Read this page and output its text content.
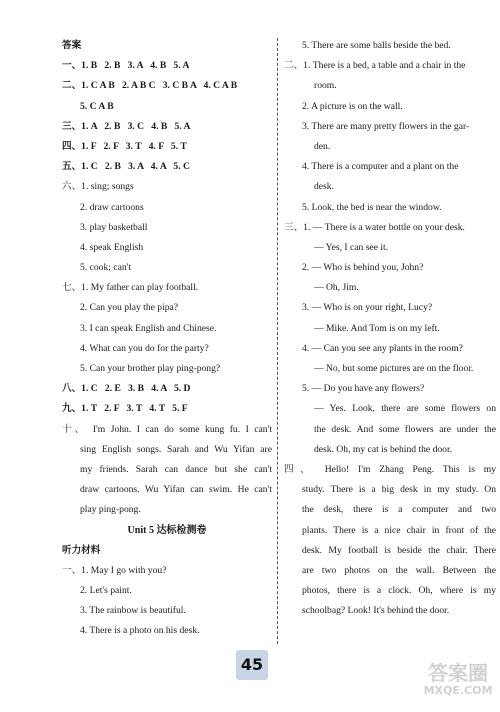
答案
一、1. B   2. B   3. A   4. B   5. A
二、1. C A B   2. A B C   3. C B A   4. C A B
5. C A B
三、1. A   2. B   3. C   4. B   5. A
四、1. F   2. F   3. T   4. F   5. T
五、1. C   2. B   3. A   4. A   5. C
六、1. sing; songs
2. draw cartoons
3. play basketball
4. speak English
5. cook; can't
七、1. My father can play football.
2. Can you play the pipa?
3. I can speak English and Chinese.
4. What can you do for the party?
5. Can your brother play ping-pong?
八、1. C   2. E   3. B   4. A   5. D
九、1. T   2. F   3. T   4. T   5. F
十、 I'm John. I can do some kung fu. I can't
sing English songs. Sarah and Wu Yifan are
my friends. Sarah can dance but she can't
draw cartoons. Wu Yifan can swim. He can't
play ping-pong.
Unit 5 达标检测卷
听力材料
一、1. May I go with you?
2. Let's paint.
3. The rainbow is beautiful.
4. There is a photo on his desk.
5. There are some balls beside the bed.
二、1. There is a bed, a table and a chair in the
room.
2. A picture is on the wall.
3. There are many pretty flowers in the gar-
den.
4. There is a computer and a plant on the
desk.
5. Look, the bed is near the window.
三、1. — There is a water bottle on your desk.
— Yes, I can see it.
2. — Who is behind you, John?
— Oh, Jim.
3. — Who is on your right, Lucy?
— Mike. And Tom is on my left.
4. — Can you see any plants in the room?
— No, but some pictures are on the floor.
5. — Do you have any flowers?
— Yes. Look, there are some flowers on
the desk. And some flowers are under the
desk. Oh, my cat is behind the door.
四、 Hello! I'm Zhang Peng. This is my
study. There is a big desk in my study. On
the desk, there is a computer and two
plants. There is a nice chair in front of the
desk. My football is beside the chair. There
are two photos on the wall. Between the
photos, there is a clock. Oh, where is my
schoolbag? Look! It's behind the door.
45	答案圈
MXQE.COM
